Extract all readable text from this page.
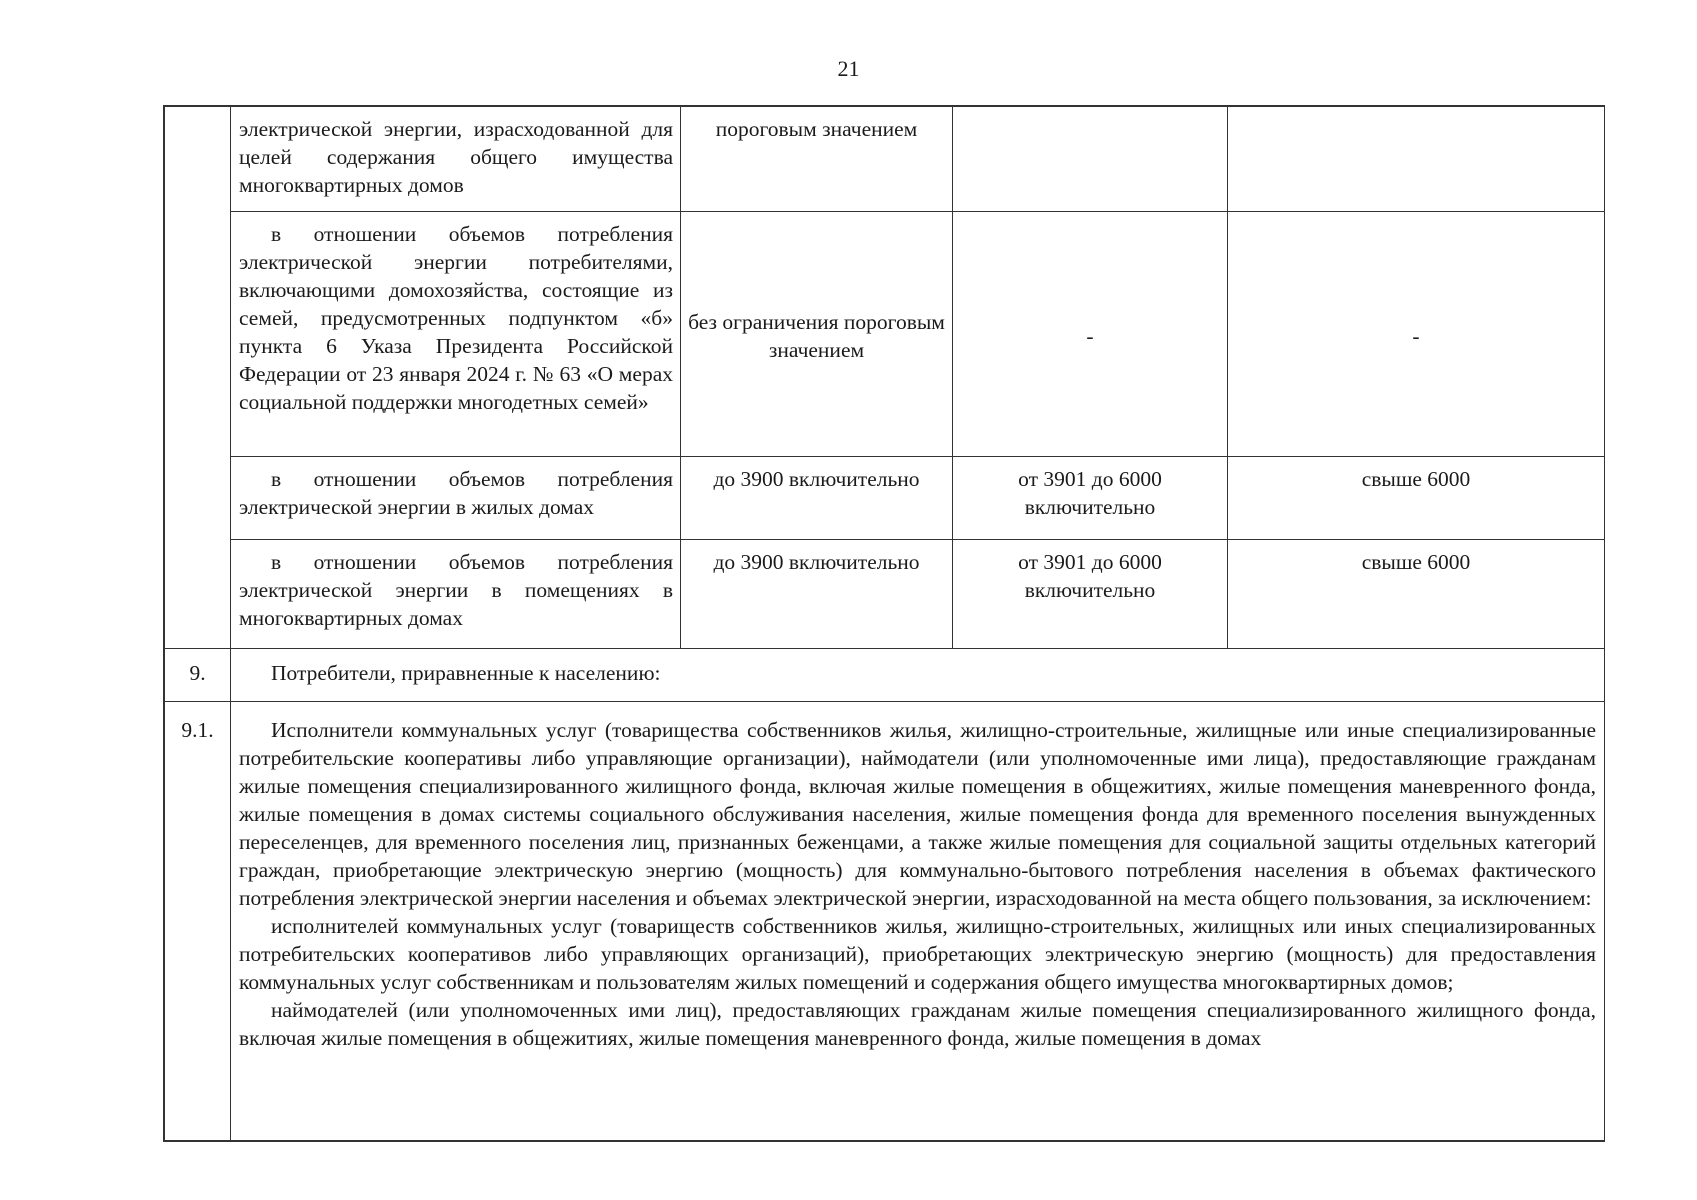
21

	электрической энергии, израсходованной для целей содержания общего имущества многоквартирных домов	пороговым значением		

	в отношении объемов потребления электрической энергии потребителями, включающими домохозяйства, состоящие из семей, предусмотренных подпунктом «б» пункта 6 Указа Президента Российской Федерации от 23 января 2024 г. № 63 «О мерах социальной поддержки многодетных семей»	без ограничения пороговым значением	-	-

	в отношении объемов потребления электрической энергии в жилых домах	до 3900 включительно	от 3901 до 6000 включительно	свыше 6000

	в отношении объемов потребления электрической энергии в помещениях в многоквартирных домах	до 3900 включительно	от 3901 до 6000 включительно	свыше 6000
9.	Потребители, приравненные к населению:			

9.1.	Исполнители коммунальных услуг (товарищества собственников жилья, жилищно-строительные, жилищные или иные специализированные потребительские кооперативы либо управляющие организации), наймодатели (или уполномоченные ими лица), предоставляющие гражданам жилые помещения специализированного жилищного фонда, включая жилые помещения в общежитиях, жилые помещения маневренного фонда, жилые помещения в домах системы социального обслуживания населения, жилые помещения фонда для временного поселения вынужденных переселенцев, для временного поселения лиц, признанных беженцами, а также жилые помещения для социальной защиты отдельных категорий граждан, приобретающие электрическую энергию (мощность) для коммунально-бытового потребления населения в объемах фактического потребления электрической энергии населения и объемах электрической энергии, израсходованной на места общего пользования, за исключением:

исполнителей коммунальных услуг (товариществ собственников жилья, жилищно-строительных, жилищных или иных специализированных потребительских кооперативов либо управляющих организаций), приобретающих электрическую энергию (мощность) для предоставления коммунальных услуг собственникам и пользователям жилых помещений и содержания общего имущества многоквартирных домов;

наймодателей (или уполномоченных ими лиц), предоставляющих гражданам жилые помещения специализированного жилищного фонда, включая жилые помещения в общежитиях, жилые помещения маневренного фонда, жилые помещения в домах			
